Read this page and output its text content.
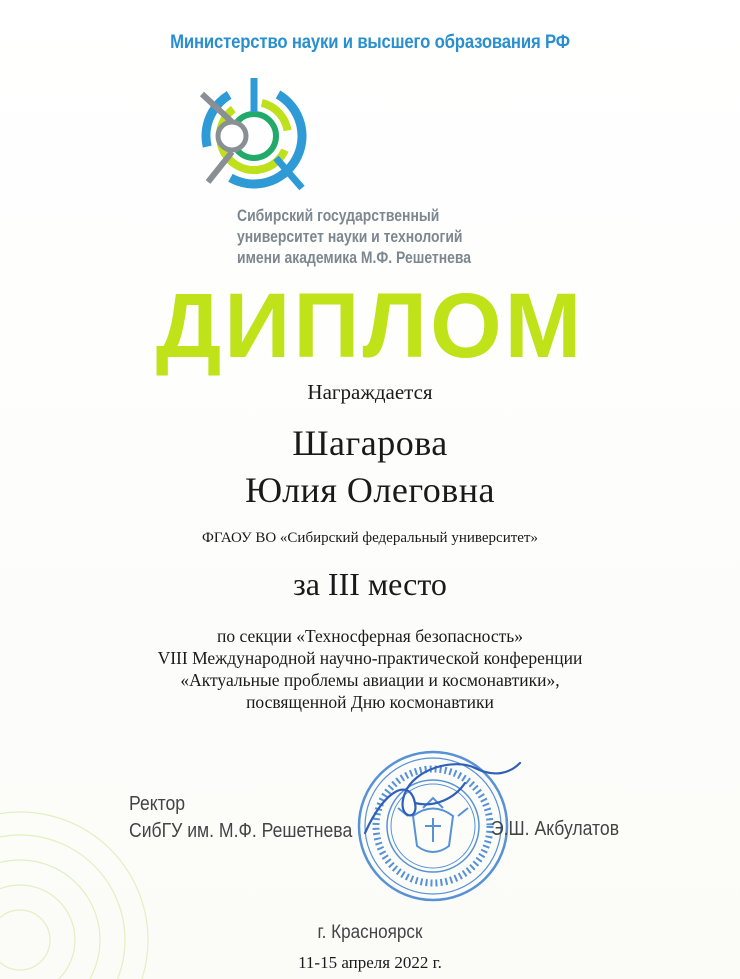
Министерство науки и высшего образования РФ
Сибирский государственный
университет науки и технологий
имени академика М.Ф. Решетнева
ДИПЛОМ
Награждается
Шагарова
Юлия Олеговна
ФГАОУ ВО «Сибирский федеральный университет»
за III место
по секции «Техносферная безопасность»
VIII Международной научно-практической конференции
«Актуальные проблемы авиации и космонавтики»,
посвященной Дню космонавтики
Ректор
СибГУ им. М.Ф. Решетнева	Э.Ш. Акбулатов
г. Красноярск
11-15 апреля 2022 г.
